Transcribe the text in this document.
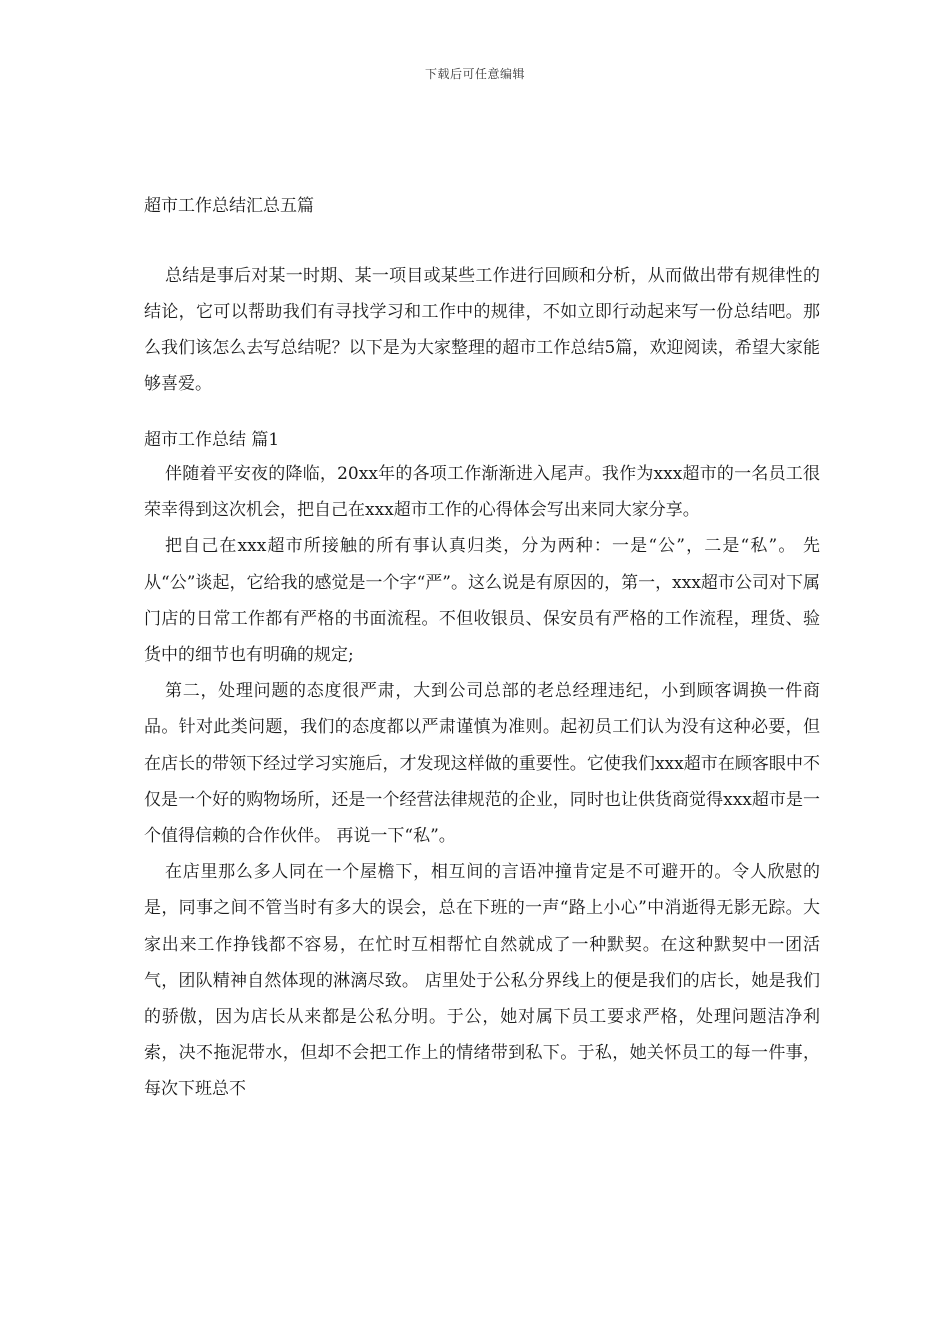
下载后可任意编辑
超市工作总结汇总五篇

总结是事后对某一时期、某一项目或某些工作进行回顾和分析，从而做出带有规律性的结论，它可以帮助我们有寻找学习和工作中的规律，不如立即行动起来写一份总结吧。那么我们该怎么去写总结呢？以下是为大家整理的超市工作总结5篇，欢迎阅读，希望大家能够喜爱。

超市工作总结 篇1

伴随着平安夜的降临，20xx年的各项工作渐渐进入尾声。我作为xxx超市的一名员工很荣幸得到这次机会，把自己在xxx超市工作的心得体会写出来同大家分享。

把自己在xxx超市所接触的所有事认真归类，分为两种：一是“公”，二是“私”。 先从“公”谈起，它给我的感觉是一个字“严”。这么说是有原因的，第一，xxx超市公司对下属门店的日常工作都有严格的书面流程。不但收银员、保安员有严格的工作流程，理货、验货中的细节也有明确的规定;

第二，处理问题的态度很严肃，大到公司总部的老总经理违纪，小到顾客调换一件商品。针对此类问题，我们的态度都以严肃谨慎为准则。起初员工们认为没有这种必要，但在店长的带领下经过学习实施后，才发现这样做的重要性。它使我们xxx超市在顾客眼中不仅是一个好的购物场所，还是一个经营法律规范的企业，同时也让供货商觉得xxx超市是一个值得信赖的合作伙伴。 再说一下“私”。

在店里那么多人同在一个屋檐下，相互间的言语冲撞肯定是不可避开的。令人欣慰的是，同事之间不管当时有多大的误会，总在下班的一声“路上小心”中消逝得无影无踪。大家出来工作挣钱都不容易，在忙时互相帮忙自然就成了一种默契。在这种默契中一团活气，团队精神自然体现的淋漓尽致。 店里处于公私分界线上的便是我们的店长，她是我们的骄傲，因为店长从来都是公私分明。于公，她对属下员工要求严格，处理问题洁净利索，决不拖泥带水，但却不会把工作上的情绪带到私下。于私，她关怀员工的每一件事，每次下班总不
